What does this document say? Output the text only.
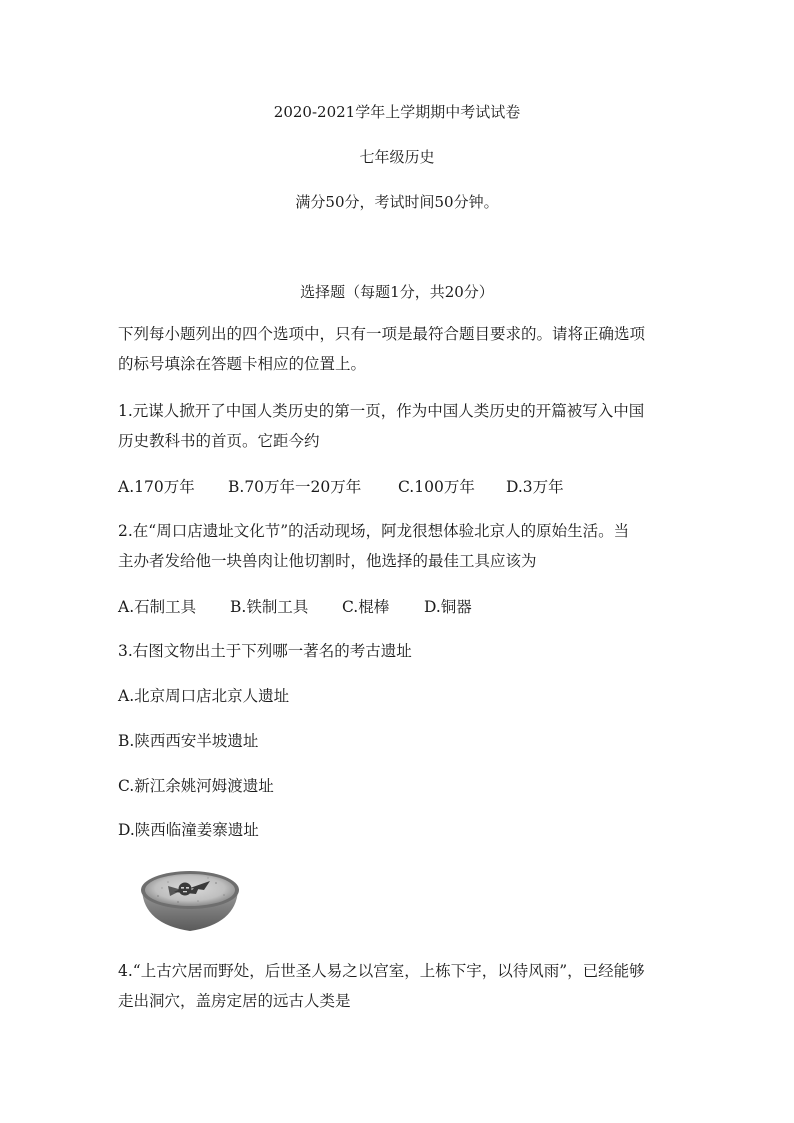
2020-2021学年上学期期中考试试卷
七年级历史
满分50分，考试时间50分钟。
选择题（每题1分，共20分）
下列每小题列出的四个选项中，只有一项是最符合题目要求的。请将正确选项
的标号填涂在答题卡相应的位置上。
1.元谋人掀开了中国人类历史的第一页，作为中国人类历史的开篇被写入中国
历史教科书的首页。它距今约
A.170万年 B.70万年一20万年 C.100万年 D.3万年
2.在“周口店遗址文化节”的活动现场，阿龙很想体验北京人的原始生活。当
主办者发给他一块兽肉让他切割时，他选择的最佳工具应该为
A.石制工具 B.铁制工具 C.棍棒 D.铜器
3.右图文物出土于下列哪一著名的考古遗址
A.北京周口店北京人遗址
B.陕西西安半坡遗址
C.新江余姚河姆渡遗址
D.陕西临潼姜寨遗址
4.“上古穴居而野处，后世圣人易之以宫室，上栋下宇，以待风雨”，已经能够
走出洞穴，盖房定居的远古人类是
